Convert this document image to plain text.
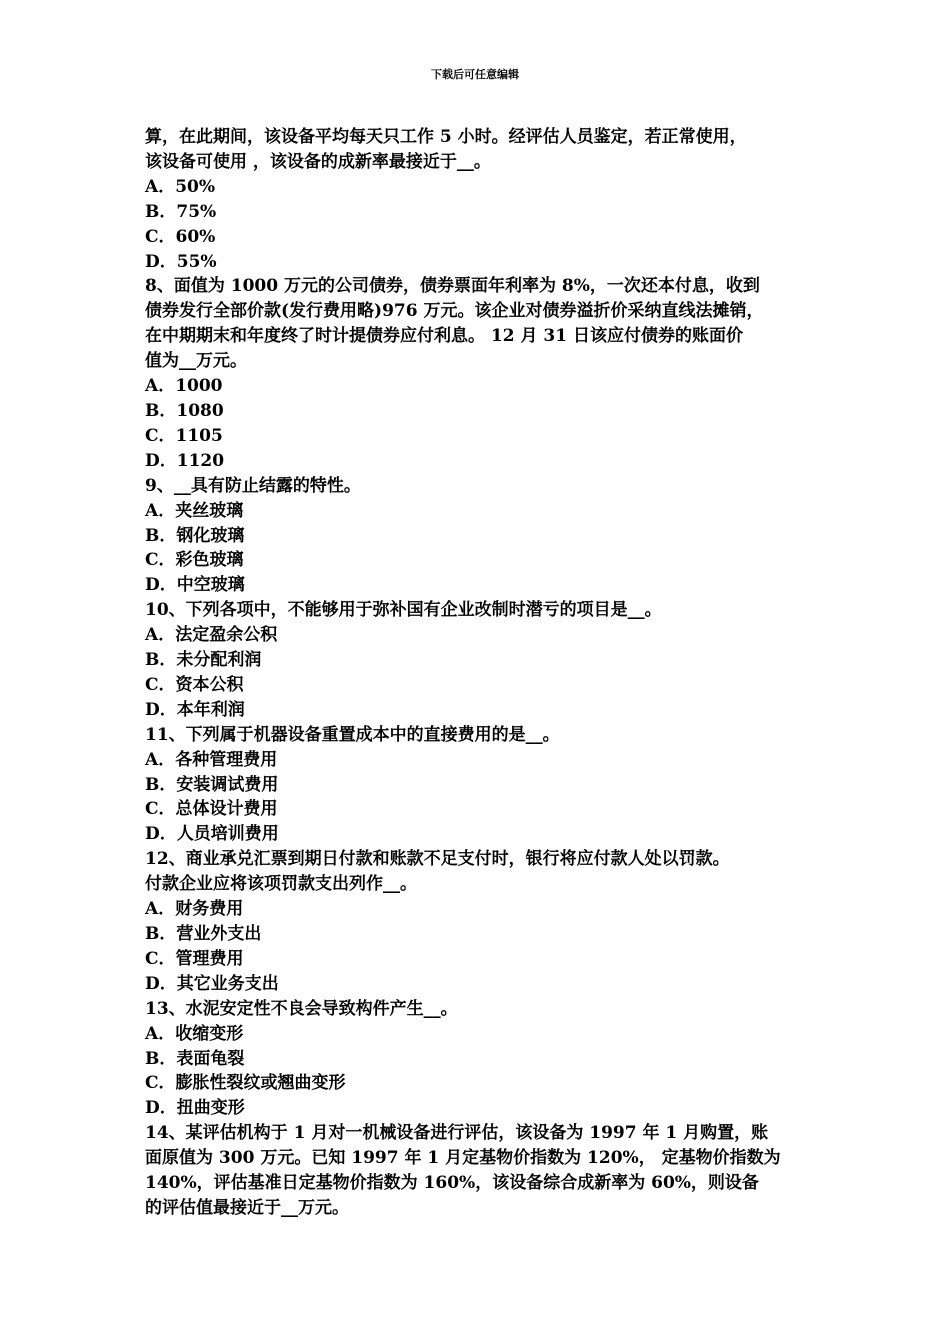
下载后可任意编辑
算，在此期间，该设备平均每天只工作 5 小时。经评估人员鉴定，若正常使用，
该设备可使用 ，该设备的成新率最接近于__。
A．50%
B．75%
C．60%
D．55%
8、面值为 1000 万元的公司债券，债券票面年利率为 8%，一次还本付息，收到
债券发行全部价款(发行费用略)976 万元。该企业对债券溢折价采纳直线法摊销，
在中期期末和年度终了时计提债券应付利息。 12 月 31 日该应付债券的账面价
值为__万元。
A．1000
B．1080
C．1105
D．1120
9、__具有防止结露的特性。
A．夹丝玻璃
B．钢化玻璃
C．彩色玻璃
D．中空玻璃
10、下列各项中，不能够用于弥补国有企业改制时潜亏的项目是__。
A．法定盈余公积
B．未分配利润
C．资本公积
D．本年利润
11、下列属于机器设备重置成本中的直接费用的是__。
A．各种管理费用
B．安装调试费用
C．总体设计费用
D．人员培训费用
12、商业承兑汇票到期日付款和账款不足支付时，银行将应付款人处以罚款。
付款企业应将该项罚款支出列作__。
A．财务费用
B．营业外支出
C．管理费用
D．其它业务支出
13、水泥安定性不良会导致构件产生__。
A．收缩变形
B．表面龟裂
C．膨胀性裂纹或翘曲变形
D．扭曲变形
14、某评估机构于 1 月对一机械设备进行评估，该设备为 1997 年 1 月购置，账
面原值为 300 万元。已知 1997 年 1 月定基物价指数为 120%， 定基物价指数为
140%，评估基准日定基物价指数为 160%，该设备综合成新率为 60%，则设备
的评估值最接近于__万元。
